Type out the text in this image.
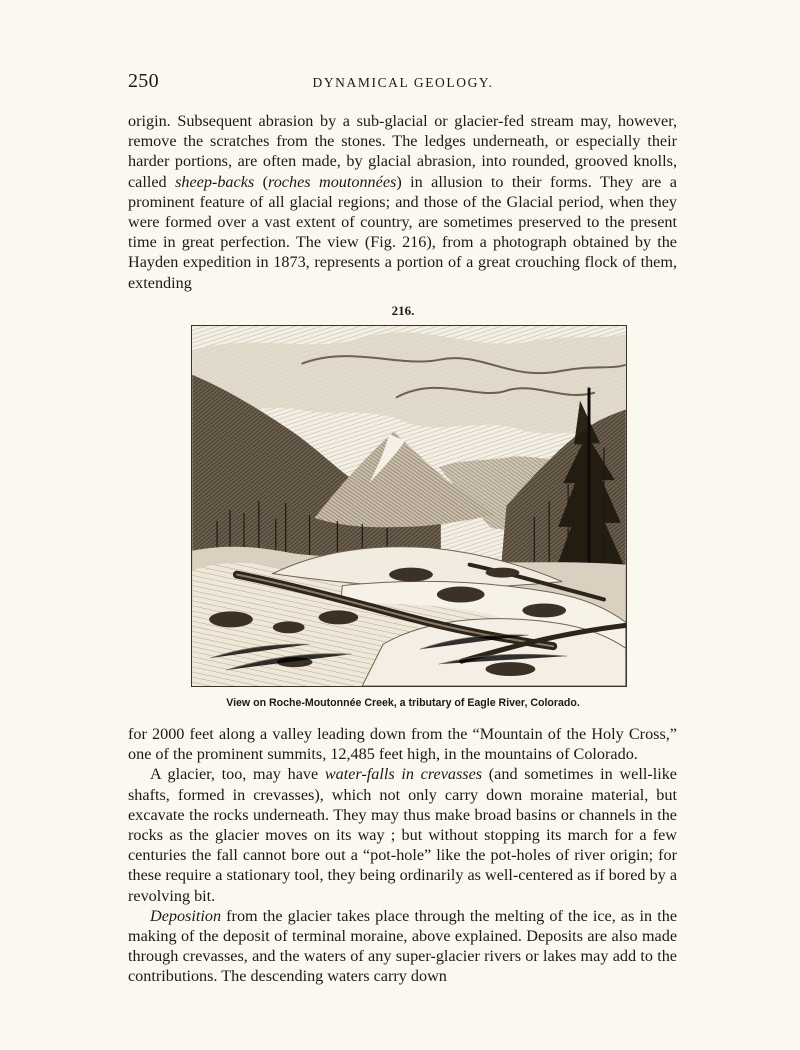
250	DYNAMICAL GEOLOGY.

origin. Subsequent abrasion by a sub-glacial or glacier-fed stream may, however, remove the scratches from the stones. The ledges underneath, or especially their harder portions, are often made, by glacial abrasion, into rounded, grooved knolls, called sheep-backs (roches moutonnées) in allusion to their forms. They are a prominent feature of all glacial regions; and those of the Glacial period, when they were formed over a vast extent of country, are sometimes preserved to the present time in great perfection. The view (Fig. 216), from a photograph obtained by the Hayden expedition in 1873, represents a portion of a great crouching flock of them, extending

216.
View on Roche-Moutonnée Creek, a tributary of Eagle River, Colorado.

for 2000 feet along a valley leading down from the “Mountain of the Holy Cross,” one of the prominent summits, 12,485 feet high, in the mountains of Colorado.

A glacier, too, may have water-falls in crevasses (and sometimes in well-like shafts, formed in crevasses), which not only carry down moraine material, but excavate the rocks underneath. They may thus make broad basins or channels in the rocks as the glacier moves on its way ; but without stopping its march for a few centuries the fall cannot bore out a “pot-hole” like the pot-holes of river origin; for these require a stationary tool, they being ordinarily as well-centered as if bored by a revolving bit.

Deposition from the glacier takes place through the melting of the ice, as in the making of the deposit of terminal moraine, above explained. Deposits are also made through crevasses, and the waters of any super-glacier rivers or lakes may add to the contributions. The descending waters carry down
